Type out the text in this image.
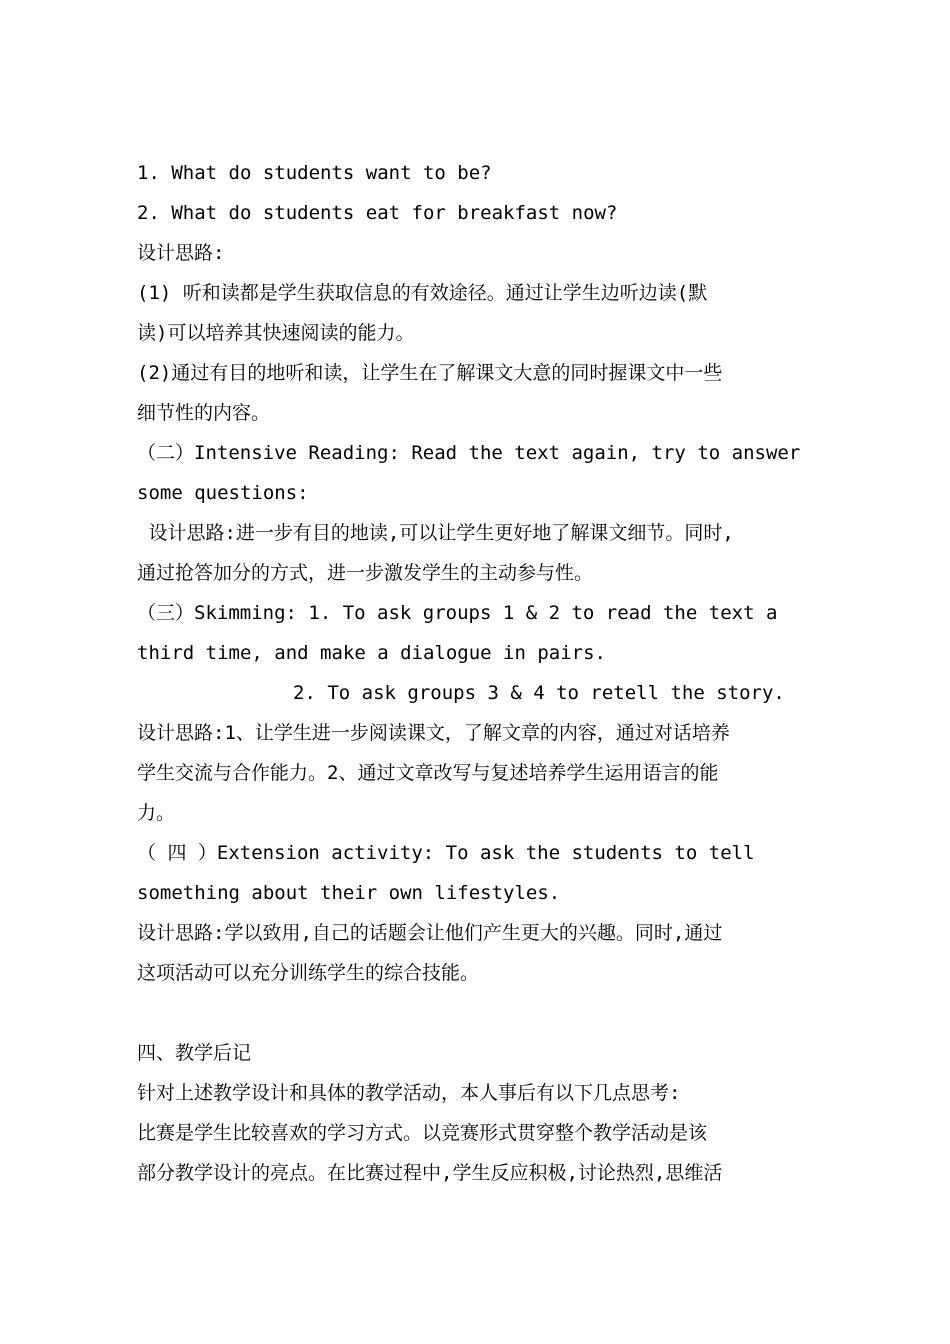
1. What do students want to be?
2. What do students eat for breakfast now?
设计思路:
(1) 听和读都是学生获取信息的有效途径。通过让学生边听边读(默
读)可以培养其快速阅读的能力。
(2)通过有目的地听和读，让学生在了解课文大意的同时握课文中一些
细节性的内容。
（二）Intensive Reading: Read the text again, try to answer
some questions:
设计思路:进一步有目的地读,可以让学生更好地了解课文细节。同时,
通过抢答加分的方式，进一步激发学生的主动参与性。
（三）Skimming: 1. To ask groups 1 & 2 to read the text a
third time, and make a dialogue in pairs.
2. To ask groups 3 & 4 to retell the story.
设计思路:1、让学生进一步阅读课文，了解文章的内容，通过对话培养
学生交流与合作能力。2、通过文章改写与复述培养学生运用语言的能
力。
（ 四 ）Extension activity: To ask the students to tell
something about their own lifestyles.
设计思路:学以致用,自己的话题会让他们产生更大的兴趣。同时,通过
这项活动可以充分训练学生的综合技能。
四、教学后记
针对上述教学设计和具体的教学活动，本人事后有以下几点思考:
比赛是学生比较喜欢的学习方式。以竞赛形式贯穿整个教学活动是该
部分教学设计的亮点。在比赛过程中,学生反应积极,讨论热烈,思维活
